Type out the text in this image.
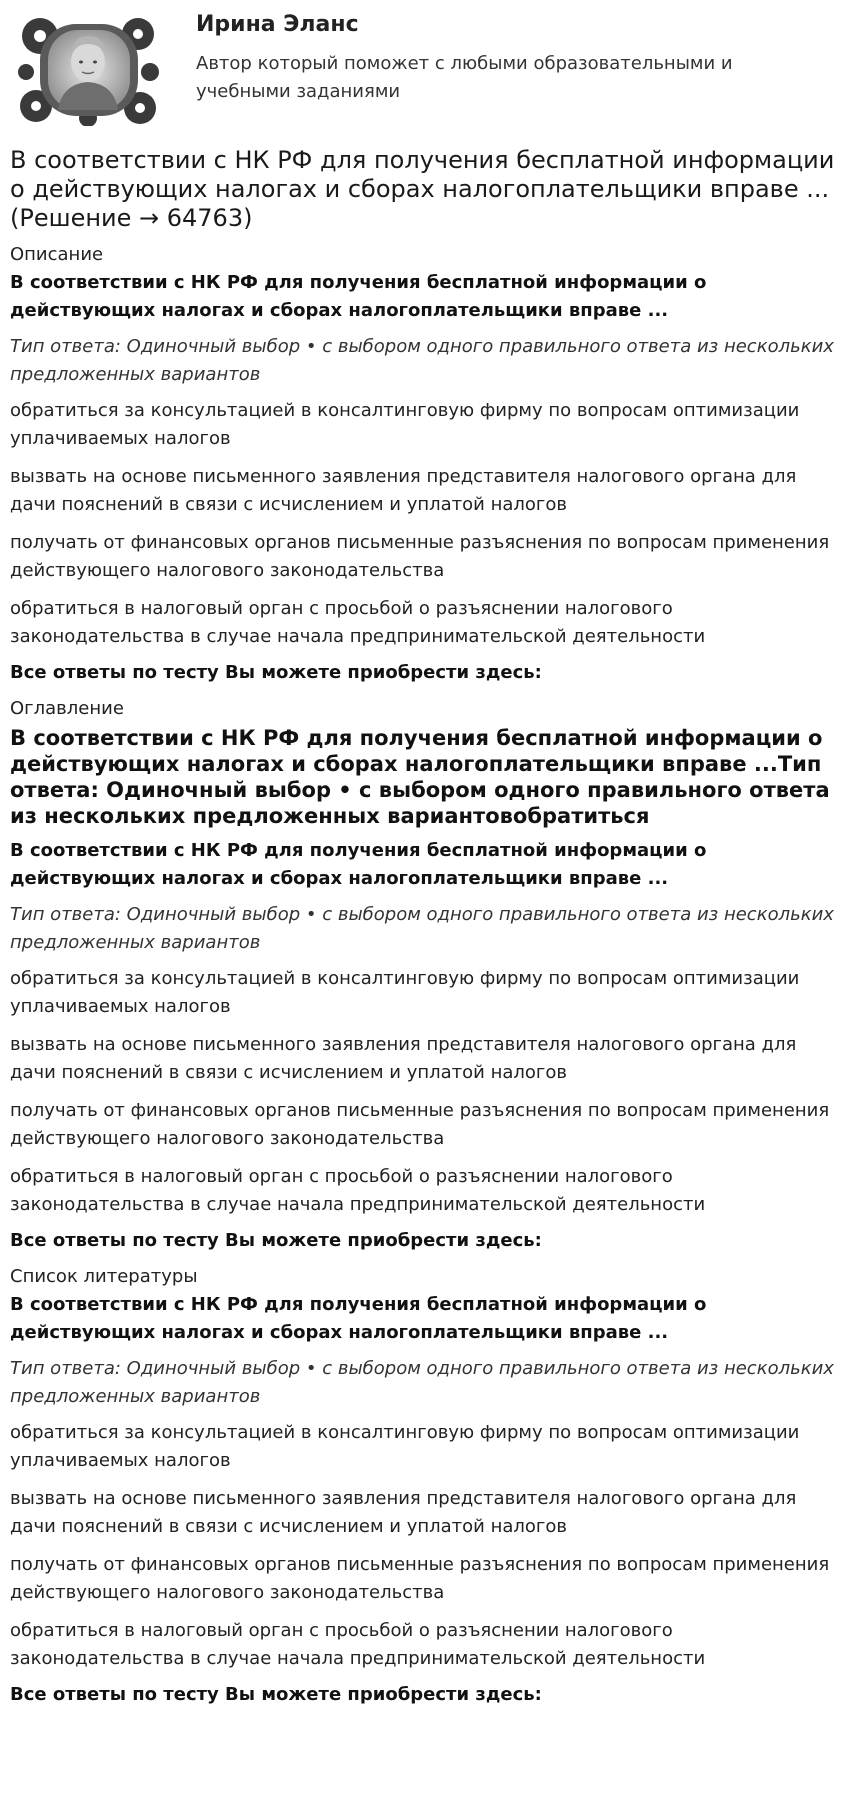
Ирина Эланс

Автор который поможет с любыми образовательными и учебными заданиями

В соответствии с НК РФ для получения бесплатной информации о действующих налогах и сборах налогоплательщики вправе ... (Решение → 64763)

Описание

В соответствии с НК РФ для получения бесплатной информации о действующих налогах и сборах налогоплательщики вправе ...

Тип ответа: Одиночный выбор • с выбором одного правильного ответа из нескольких предложенных вариантов

обратиться за консультацией в консалтинговую фирму по вопросам оптимизации уплачиваемых налогов

вызвать на основе письменного заявления представителя налогового органа для дачи пояснений в связи с исчислением и уплатой налогов

получать от финансовых органов письменные разъяснения по вопросам применения действующего налогового законодательства

обратиться в налоговый орган с просьбой о разъяснении налогового законодательства в случае начала предпринимательской деятельности

Все ответы по тесту Вы можете приобрести здесь:

Оглавление

В соответствии с НК РФ для получения бесплатной информации о действующих налогах и сборах налогоплательщики вправе ...Тип ответа: Одиночный выбор • с выбором одного правильного ответа из нескольких предложенных вариантовобратиться

В соответствии с НК РФ для получения бесплатной информации о действующих налогах и сборах налогоплательщики вправе ...

Тип ответа: Одиночный выбор • с выбором одного правильного ответа из нескольких предложенных вариантов

обратиться за консультацией в консалтинговую фирму по вопросам оптимизации уплачиваемых налогов

вызвать на основе письменного заявления представителя налогового органа для дачи пояснений в связи с исчислением и уплатой налогов

получать от финансовых органов письменные разъяснения по вопросам применения действующего налогового законодательства

обратиться в налоговый орган с просьбой о разъяснении налогового законодательства в случае начала предпринимательской деятельности

Все ответы по тесту Вы можете приобрести здесь:

Список литературы

В соответствии с НК РФ для получения бесплатной информации о действующих налогах и сборах налогоплательщики вправе ...

Тип ответа: Одиночный выбор • с выбором одного правильного ответа из нескольких предложенных вариантов

обратиться за консультацией в консалтинговую фирму по вопросам оптимизации уплачиваемых налогов

вызвать на основе письменного заявления представителя налогового органа для дачи пояснений в связи с исчислением и уплатой налогов

получать от финансовых органов письменные разъяснения по вопросам применения действующего налогового законодательства

обратиться в налоговый орган с просьбой о разъяснении налогового законодательства в случае начала предпринимательской деятельности

Все ответы по тесту Вы можете приобрести здесь:
